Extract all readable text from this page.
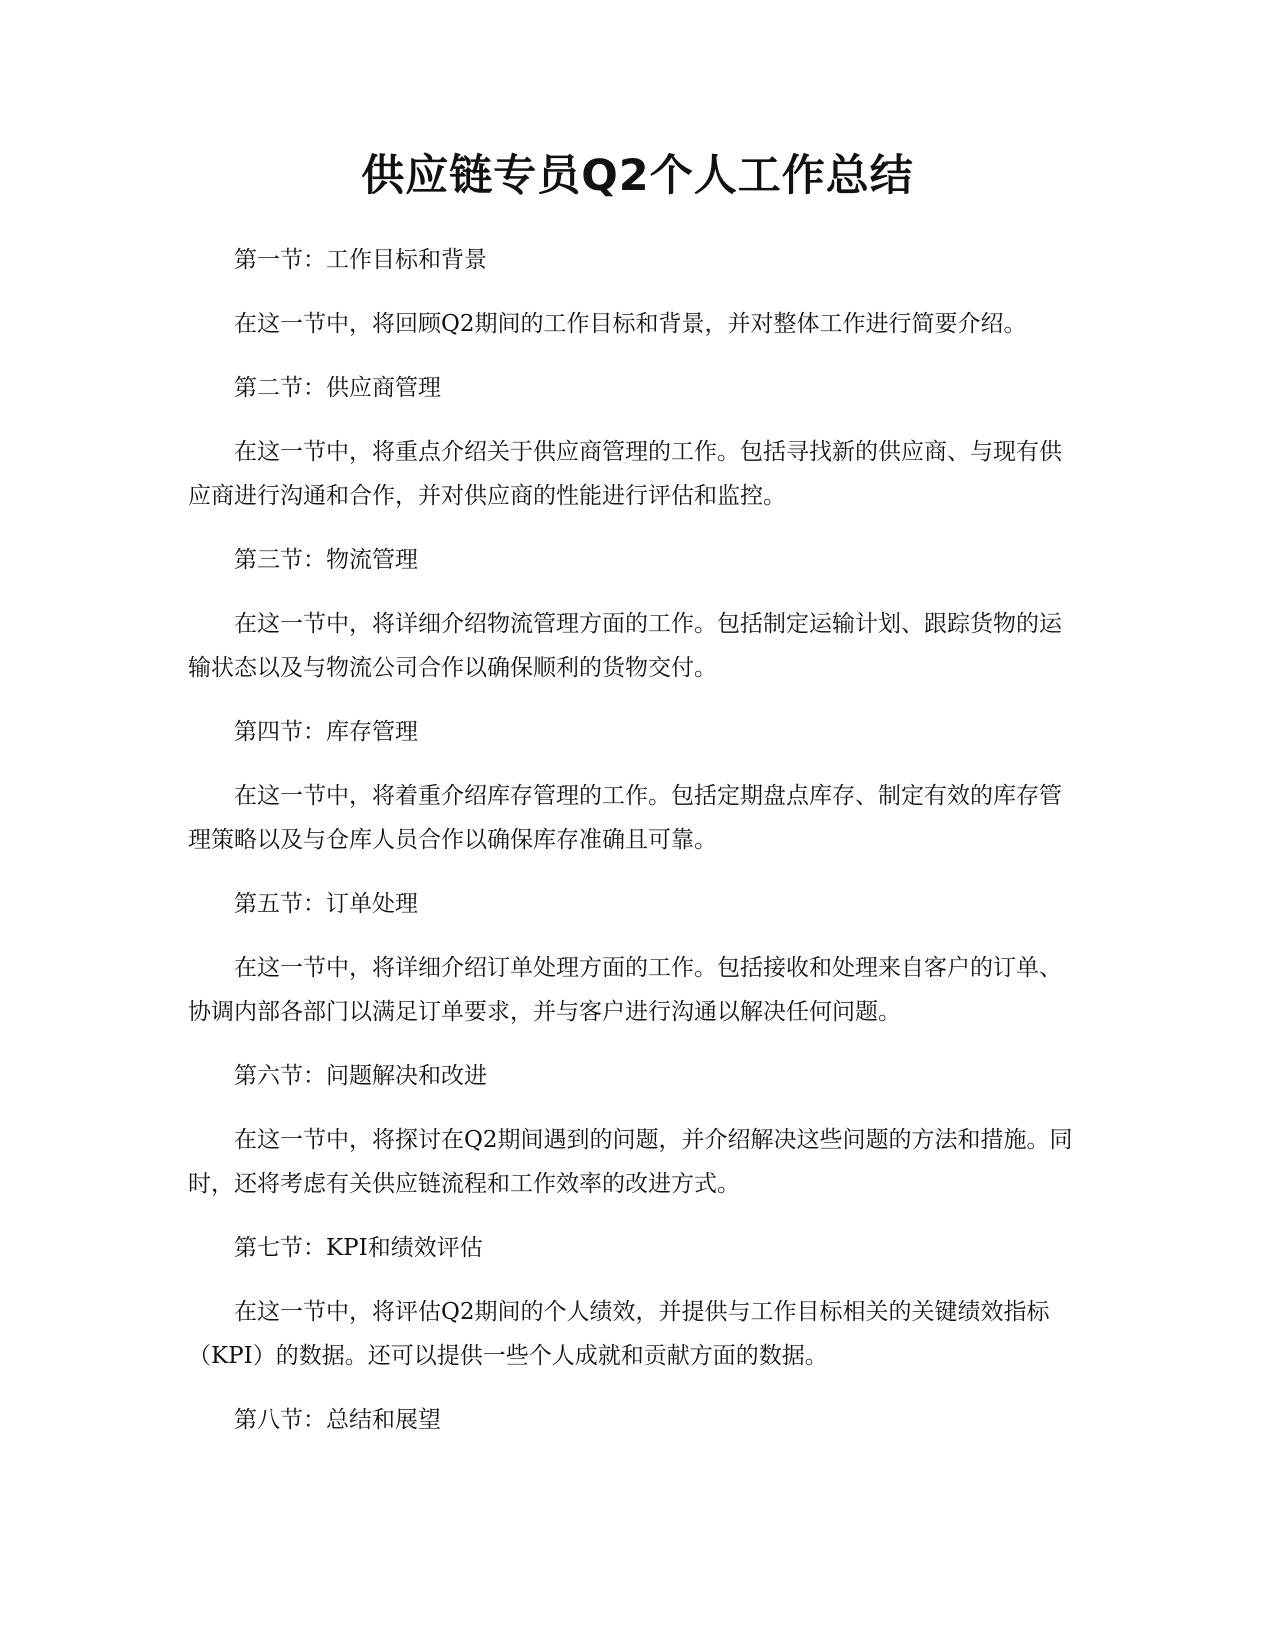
供应链专员Q2个人工作总结

第一节：工作目标和背景

在这一节中，将回顾Q2期间的工作目标和背景，并对整体工作进行简要介绍。

第二节：供应商管理

在这一节中，将重点介绍关于供应商管理的工作。包括寻找新的供应商、与现有供应商进行沟通和合作，并对供应商的性能进行评估和监控。

第三节：物流管理

在这一节中，将详细介绍物流管理方面的工作。包括制定运输计划、跟踪货物的运输状态以及与物流公司合作以确保顺利的货物交付。

第四节：库存管理

在这一节中，将着重介绍库存管理的工作。包括定期盘点库存、制定有效的库存管理策略以及与仓库人员合作以确保库存准确且可靠。

第五节：订单处理

在这一节中，将详细介绍订单处理方面的工作。包括接收和处理来自客户的订单、协调内部各部门以满足订单要求，并与客户进行沟通以解决任何问题。

第六节：问题解决和改进

在这一节中，将探讨在Q2期间遇到的问题，并介绍解决这些问题的方法和措施。同时，还将考虑有关供应链流程和工作效率的改进方式。

第七节：KPI和绩效评估

在这一节中，将评估Q2期间的个人绩效，并提供与工作目标相关的关键绩效指标（KPI）的数据。还可以提供一些个人成就和贡献方面的数据。

第八节：总结和展望
